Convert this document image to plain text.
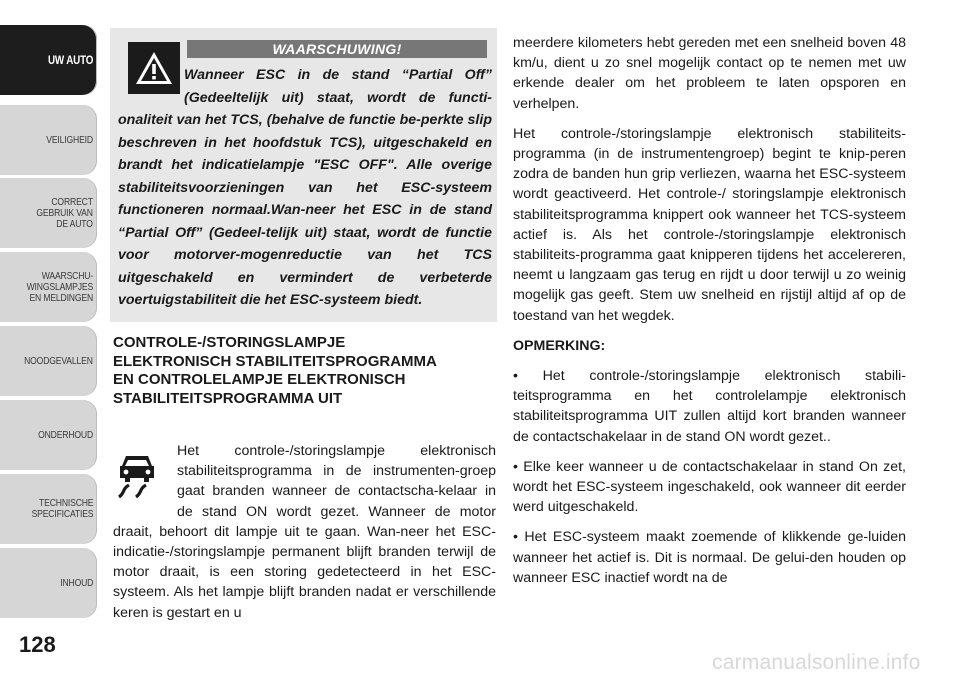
UW AUTO
VEILIGHEID
CORRECT
GEBRUIK VAN
DE AUTO
WAARSCHU-
WINGSLAMPJES
EN MELDINGEN
NOODGEVALLEN
ONDERHOUD
TECHNISCHE
SPECIFICATIES
INHOUD
128
WAARSCHUWING!
Wanneer ESC in de stand “Partial Off” (Gedeeltelijk uit) staat, wordt de functi-onaliteit van het TCS, (behalve de functie be-perkte slip beschreven in het hoofdstuk TCS), uitgeschakeld en brandt het indicatielampje "ESC OFF". Alle overige stabiliteitsvoorzieningen van het ESC-systeem functioneren normaal.Wan-neer het ESC in de stand “Partial Off” (Gedeel-telijk uit) staat, wordt de functie voor motorver-mogenreductie van het TCS uitgeschakeld en vermindert de verbeterde voertuigstabiliteit die het ESC-systeem biedt.
CONTROLE-/STORINGSLAMPJE ELEKTRONISCH STABILITEITSPROGRAMMA EN CONTROLELAMPJE ELEKTRONISCH STABILITEITSPROGRAMMA UIT
Het controle-/storingslampje elektronisch stabiliteitsprogramma in de instrumenten-groep gaat branden wanneer de contactscha-kelaar in de stand ON wordt gezet. Wanneer de motor draait, behoort dit lampje uit te gaan. Wan-neer het ESC-indicatie-/storingslampje permanent blijft branden terwijl de motor draait, is een storing gedetecteerd in het ESC-systeem. Als het lampje blijft branden nadat er verschillende keren is gestart en u

meerdere kilometers hebt gereden met een snelheid boven 48 km/u, dient u zo snel mogelijk contact op te nemen met uw erkende dealer om het probleem te laten opsporen en verhelpen.

Het controle-/storingslampje elektronisch stabiliteits-programma (in de instrumentengroep) begint te knip-peren zodra de banden hun grip verliezen, waarna het ESC-systeem wordt geactiveerd. Het controle-/ storingslampje elektronisch stabiliteitsprogramma knippert ook wanneer het TCS-systeem actief is. Als het controle-/storingslampje elektronisch stabiliteits-programma gaat knipperen tijdens het accelereren, neemt u langzaam gas terug en rijdt u door terwijl u zo weinig mogelijk gas geeft. Stem uw snelheid en rijstijl altijd af op de toestand van het wegdek.

OPMERKING:

• Het controle-/storingslampje elektronisch stabili-teitsprogramma en het controlelampje elektronisch stabiliteitsprogramma UIT zullen altijd kort branden wanneer de contactschakelaar in de stand ON wordt gezet..

• Elke keer wanneer u de contactschakelaar in stand On zet, wordt het ESC-systeem ingeschakeld, ook wanneer dit eerder werd uitgeschakeld.

• Het ESC-systeem maakt zoemende of klikkende ge-luiden wanneer het actief is. Dit is normaal. De gelui-den houden op wanneer ESC inactief wordt na de

carmanualsonline.info
